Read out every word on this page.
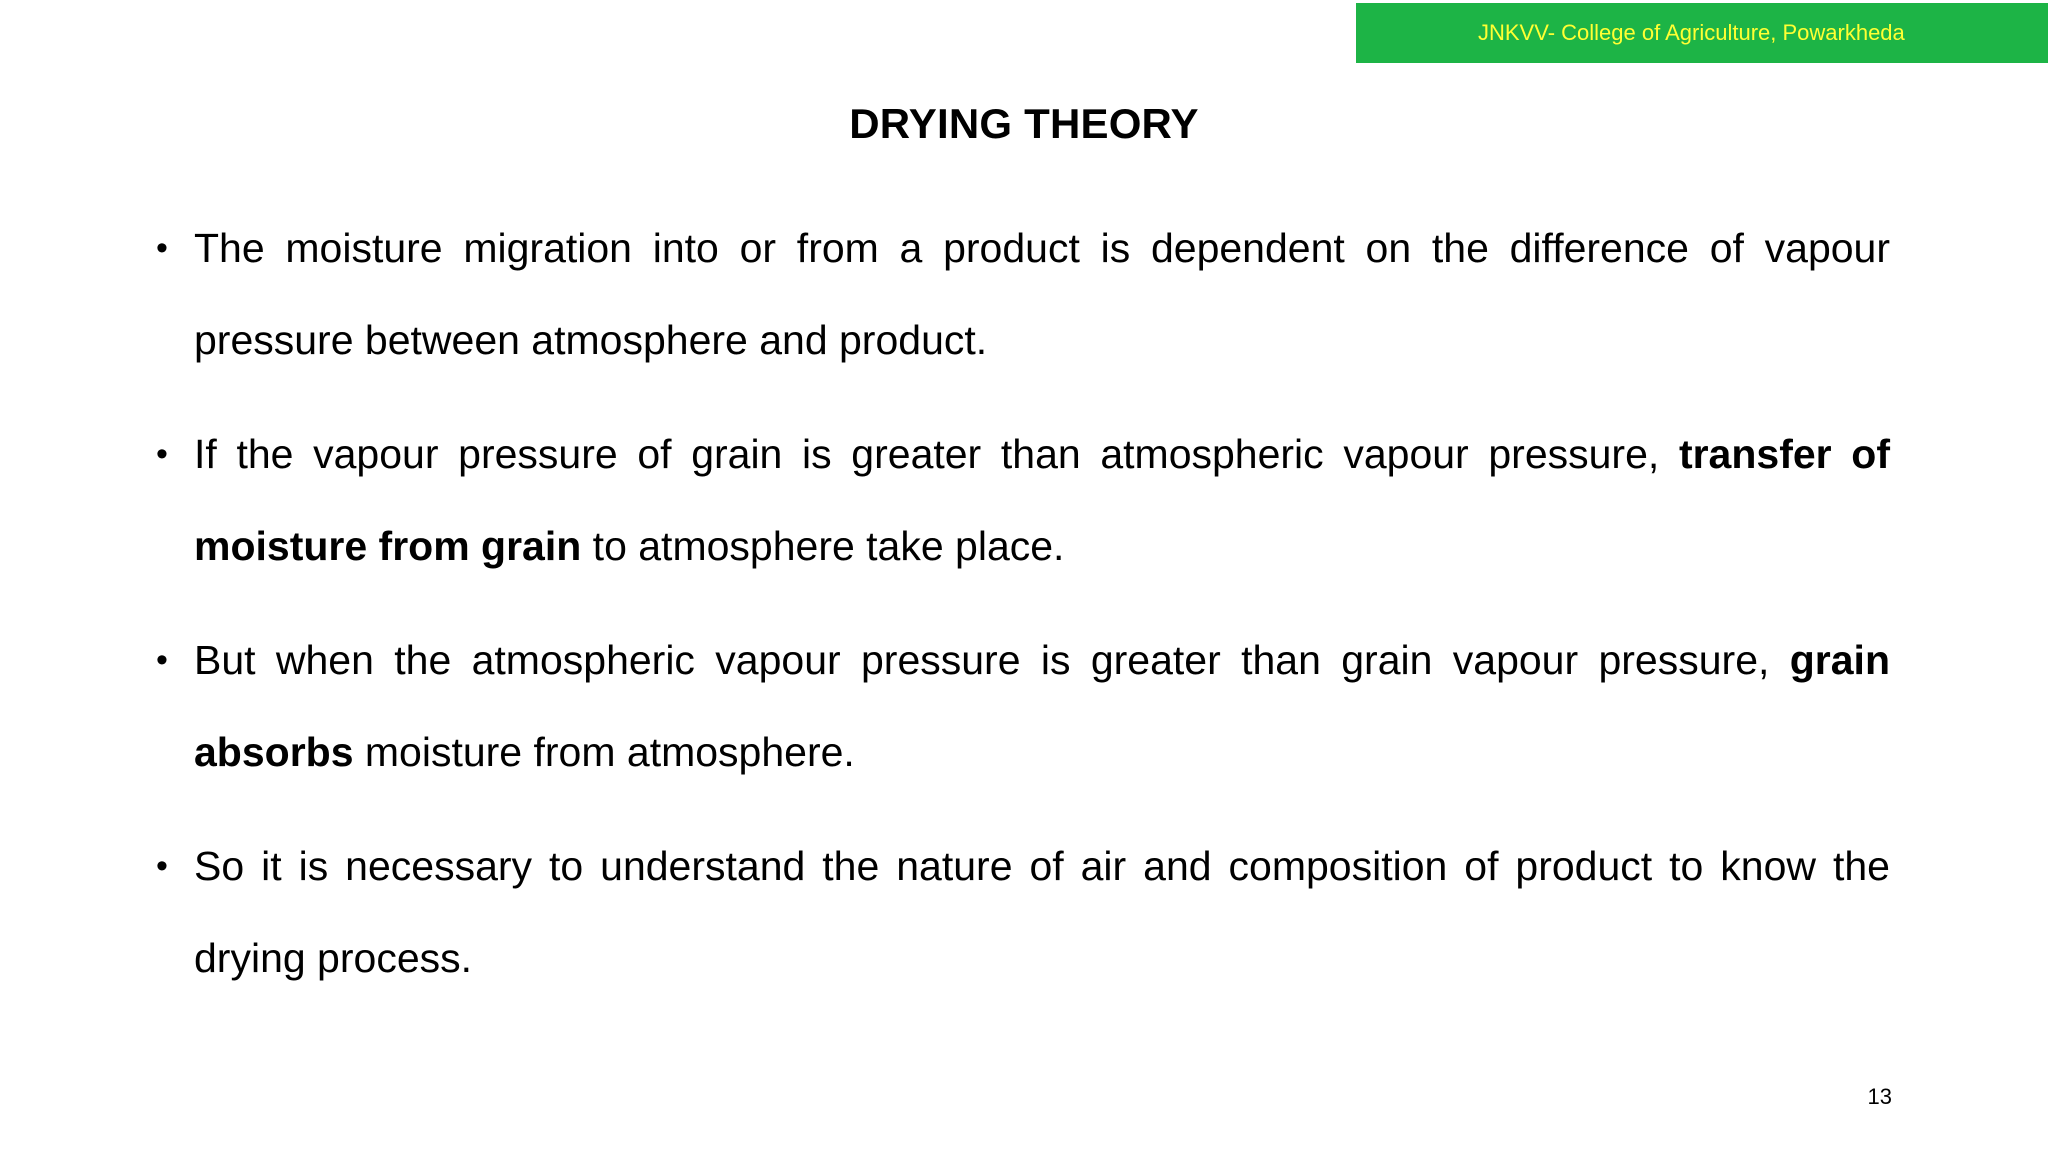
JNKVV- College of Agriculture, Powarkheda
DRYING THEORY
• The moisture migration into or from a product is dependent on the difference of vapour pressure between atmosphere and product.
• If the vapour pressure of grain is greater than atmospheric vapour pressure, transfer of moisture from grain to atmosphere take place.
• But when the atmospheric vapour pressure is greater than grain vapour pressure, grain absorbs moisture from atmosphere.
• So it is necessary to understand the nature of air and composition of product to know the drying process.
13
